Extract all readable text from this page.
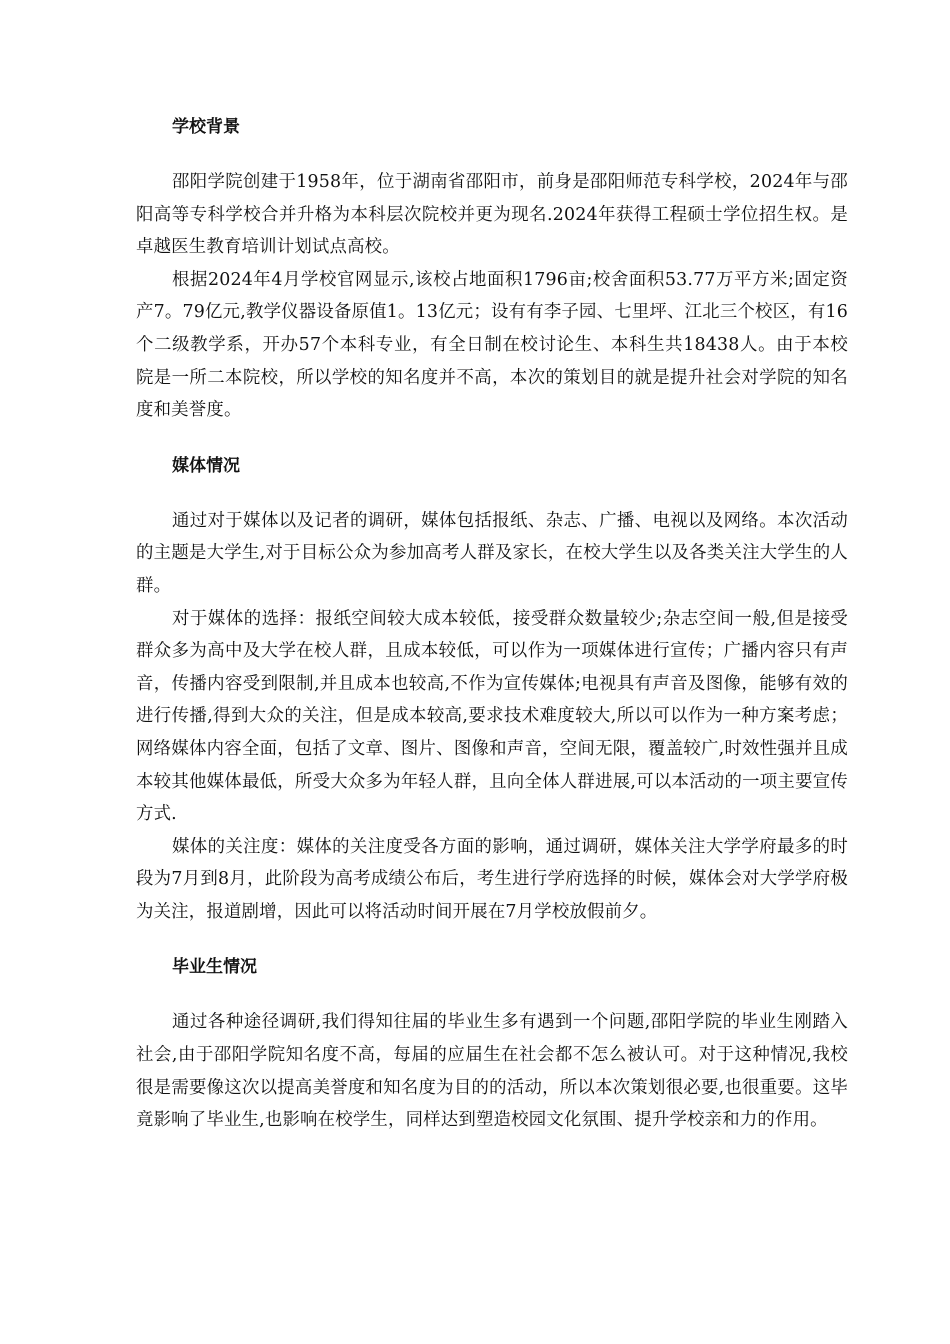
学校背景

邵阳学院创建于1958年，位于湖南省邵阳市，前身是邵阳师范专科学校，2024年与邵阳高等专科学校合并升格为本科层次院校并更为现名.2024年获得工程硕士学位招生权。是卓越医生教育培训计划试点高校。

根据2024年4月学校官网显示,该校占地面积1796亩;校舍面积53.77万平方米;固定资产7。79亿元,教学仪器设备原值1。13亿元；设有有李子园、七里坪、江北三个校区，有16个二级教学系，开办57个本科专业，有全日制在校讨论生、本科生共18438人。由于本校院是一所二本院校，所以学校的知名度并不高，本次的策划目的就是提升社会对学院的知名度和美誉度。

媒体情况

通过对于媒体以及记者的调研，媒体包括报纸、杂志、广播、电视以及网络。本次活动的主题是大学生,对于目标公众为参加高考人群及家长，在校大学生以及各类关注大学生的人群。

对于媒体的选择：报纸空间较大成本较低，接受群众数量较少;杂志空间一般,但是接受群众多为高中及大学在校人群，且成本较低，可以作为一项媒体进行宣传；广播内容只有声音，传播内容受到限制,并且成本也较高,不作为宣传媒体;电视具有声音及图像，能够有效的进行传播,得到大众的关注，但是成本较高,要求技术难度较大,所以可以作为一种方案考虑；网络媒体内容全面，包括了文章、图片、图像和声音，空间无限，覆盖较广,时效性强并且成本较其他媒体最低，所受大众多为年轻人群，且向全体人群进展,可以本活动的一项主要宣传方式.

媒体的关注度：媒体的关注度受各方面的影响，通过调研，媒体关注大学学府最多的时段为7月到8月，此阶段为高考成绩公布后，考生进行学府选择的时候，媒体会对大学学府极为关注，报道剧增，因此可以将活动时间开展在7月学校放假前夕。

毕业生情况

通过各种途径调研,我们得知往届的毕业生多有遇到一个问题,邵阳学院的毕业生刚踏入社会,由于邵阳学院知名度不高，每届的应届生在社会都不怎么被认可。对于这种情况,我校很是需要像这次以提高美誉度和知名度为目的的活动，所以本次策划很必要,也很重要。这毕竟影响了毕业生,也影响在校学生，同样达到塑造校园文化氛围、提升学校亲和力的作用。
